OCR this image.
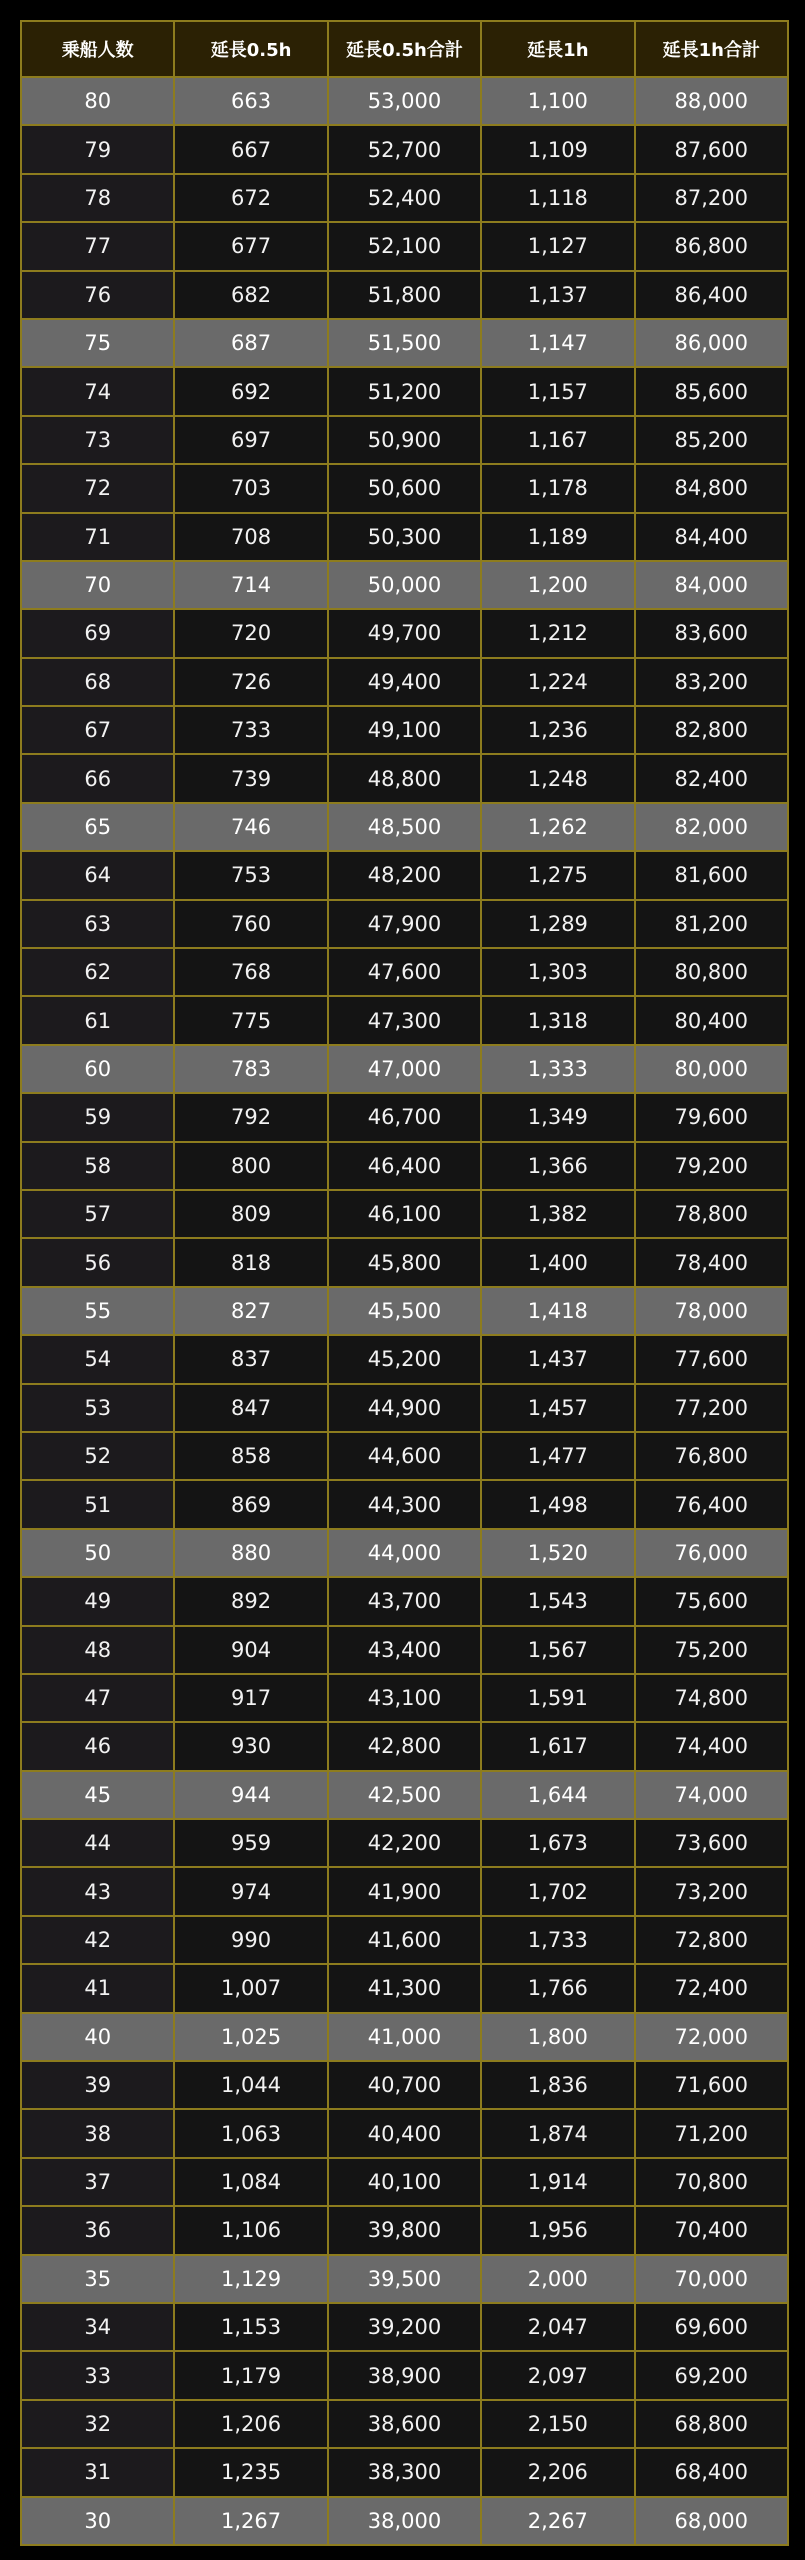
乗船人数	延長0.5h	延長0.5h合計	延長1h	延長1h合計
80	663	53,000	1,100	88,000
79	667	52,700	1,109	87,600
78	672	52,400	1,118	87,200
77	677	52,100	1,127	86,800
76	682	51,800	1,137	86,400
75	687	51,500	1,147	86,000
74	692	51,200	1,157	85,600
73	697	50,900	1,167	85,200
72	703	50,600	1,178	84,800
71	708	50,300	1,189	84,400
70	714	50,000	1,200	84,000
69	720	49,700	1,212	83,600
68	726	49,400	1,224	83,200
67	733	49,100	1,236	82,800
66	739	48,800	1,248	82,400
65	746	48,500	1,262	82,000
64	753	48,200	1,275	81,600
63	760	47,900	1,289	81,200
62	768	47,600	1,303	80,800
61	775	47,300	1,318	80,400
60	783	47,000	1,333	80,000
59	792	46,700	1,349	79,600
58	800	46,400	1,366	79,200
57	809	46,100	1,382	78,800
56	818	45,800	1,400	78,400
55	827	45,500	1,418	78,000
54	837	45,200	1,437	77,600
53	847	44,900	1,457	77,200
52	858	44,600	1,477	76,800
51	869	44,300	1,498	76,400
50	880	44,000	1,520	76,000
49	892	43,700	1,543	75,600
48	904	43,400	1,567	75,200
47	917	43,100	1,591	74,800
46	930	42,800	1,617	74,400
45	944	42,500	1,644	74,000
44	959	42,200	1,673	73,600
43	974	41,900	1,702	73,200
42	990	41,600	1,733	72,800
41	1,007	41,300	1,766	72,400
40	1,025	41,000	1,800	72,000
39	1,044	40,700	1,836	71,600
38	1,063	40,400	1,874	71,200
37	1,084	40,100	1,914	70,800
36	1,106	39,800	1,956	70,400
35	1,129	39,500	2,000	70,000
34	1,153	39,200	2,047	69,600
33	1,179	38,900	2,097	69,200
32	1,206	38,600	2,150	68,800
31	1,235	38,300	2,206	68,400
30	1,267	38,000	2,267	68,000
